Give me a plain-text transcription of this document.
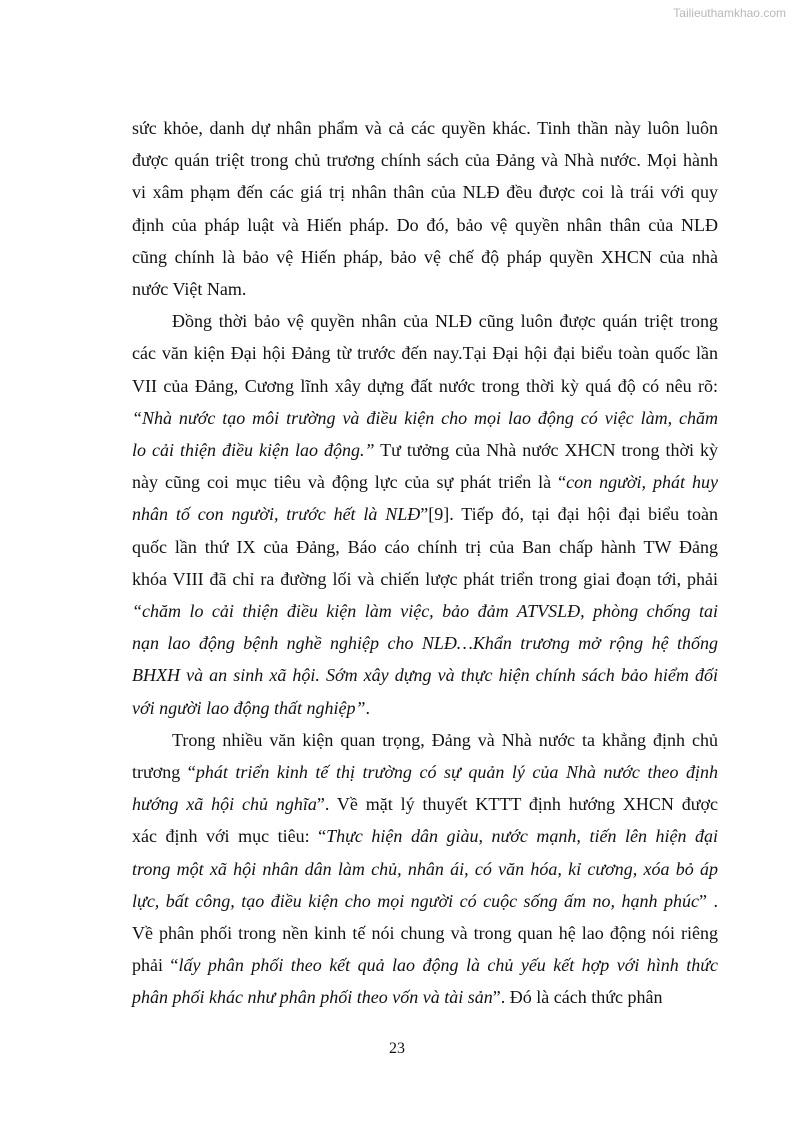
Tailieuthamkhao.com

sức khỏe, danh dự nhân phẩm và cả các quyền khác. Tinh thần này luôn luôn
được quán triệt trong chủ trương chính sách của Đảng và Nhà nước. Mọi hành
vi xâm phạm đến các giá trị nhân thân của NLĐ đều được coi là trái với quy
định của pháp luật và Hiến pháp. Do đó, bảo vệ quyền nhân thân của NLĐ
cũng chính là bảo vệ Hiến pháp, bảo vệ chế độ pháp quyền XHCN của nhà
nước Việt Nam.

Đồng thời bảo vệ quyền nhân của NLĐ cũng luôn được quán triệt trong
các văn kiện Đại hội Đảng từ trước đến nay.Tại Đại hội đại biểu toàn quốc lần
VII của Đảng, Cương lĩnh xây dựng đất nước trong thời kỳ quá độ có nêu rõ:
“Nhà nước tạo môi trường và điều kiện cho mọi lao động có việc làm, chăm
lo cải thiện điều kiện lao động.” Tư tưởng của Nhà nước XHCN trong thời kỳ
này cũng coi mục tiêu và động lực của sự phát triển là “con người, phát huy
nhân tố con người, trước hết là NLĐ”[9]. Tiếp đó, tại đại hội đại biểu toàn
quốc lần thứ IX của Đảng, Báo cáo chính trị của Ban chấp hành TW Đảng
khóa VIII đã chỉ ra đường lối và chiến lược phát triển trong giai đoạn tới, phải
“chăm lo cải thiện điều kiện làm việc, bảo đảm ATVSLĐ, phòng chống tai
nạn lao động bệnh nghề nghiệp cho NLĐ…Khẩn trương mở rộng hệ thống
BHXH và an sinh xã hội. Sớm xây dựng và thực hiện chính sách bảo hiểm đối
với người lao động thất nghiệp”.

Trong nhiều văn kiện quan trọng, Đảng và Nhà nước ta khẳng định chủ
trương “phát triển kinh tế thị trường có sự quản lý của Nhà nước theo định
hướng xã hội chủ nghĩa”. Về mặt lý thuyết KTTT định hướng XHCN được
xác định với mục tiêu: “Thực hiện dân giàu, nước mạnh, tiến lên hiện đại
trong một xã hội nhân dân làm chủ, nhân ái, có văn hóa, kỉ cương, xóa bỏ áp
lực, bất công, tạo điều kiện cho mọi người có cuộc sống ấm no, hạnh phúc” .
Về phân phối trong nền kinh tế nói chung và trong quan hệ lao động nói riêng
phải “lấy phân phối theo kết quả lao động là chủ yếu kết hợp với hình thức
phân phối khác như phân phối theo vốn và tài sản”. Đó là cách thức phân

23
